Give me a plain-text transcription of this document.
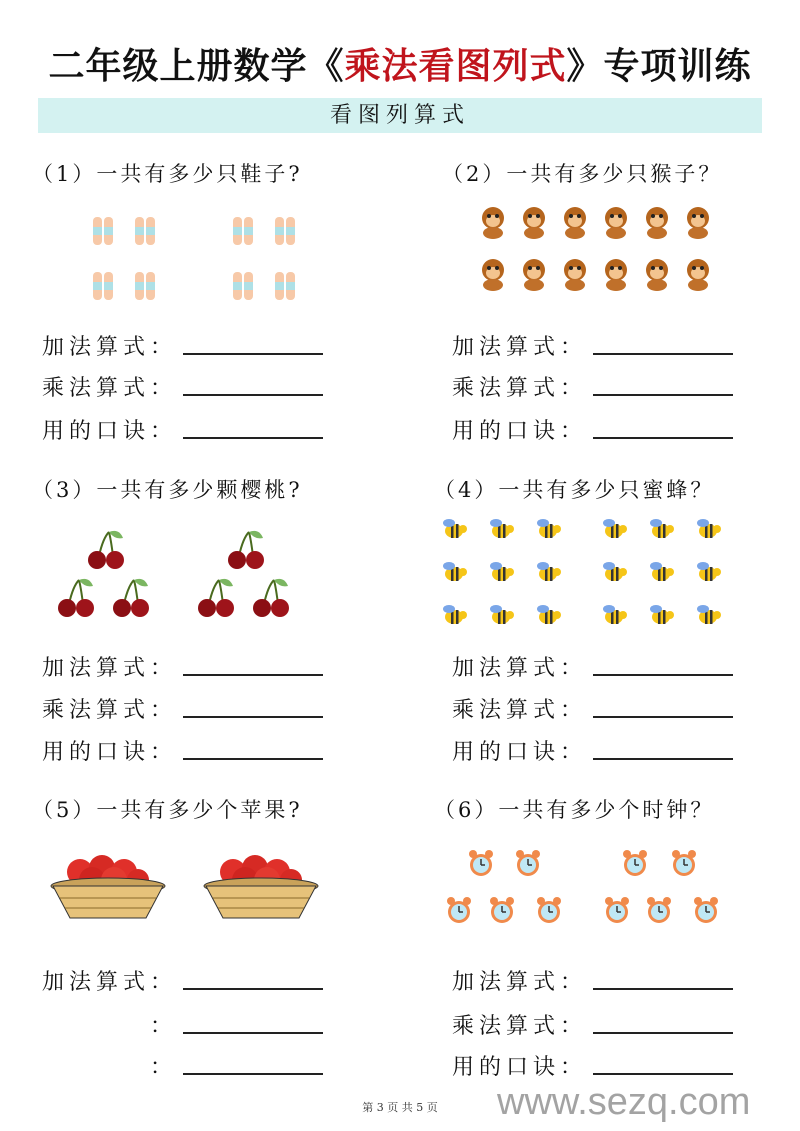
二年级上册数学《乘法看图列式》专项训练
看图列算式
（1）一共有多少只鞋子?
加法算式：
乘法算式：
用的口诀：
（2）一共有多少只猴子？
加法算式：
乘法算式：
用的口诀：
（3）一共有多少颗樱桃?
加法算式：
乘法算式：
用的口诀：
（4）一共有多少只蜜蜂？
加法算式：
乘法算式：
用的口诀：
（5）一共有多少个苹果?
加法算式：
：
：
（6）一共有多少个时钟？
加法算式：
乘法算式：
用的口诀：
第 3 页 共 5 页	www.sezq.com
